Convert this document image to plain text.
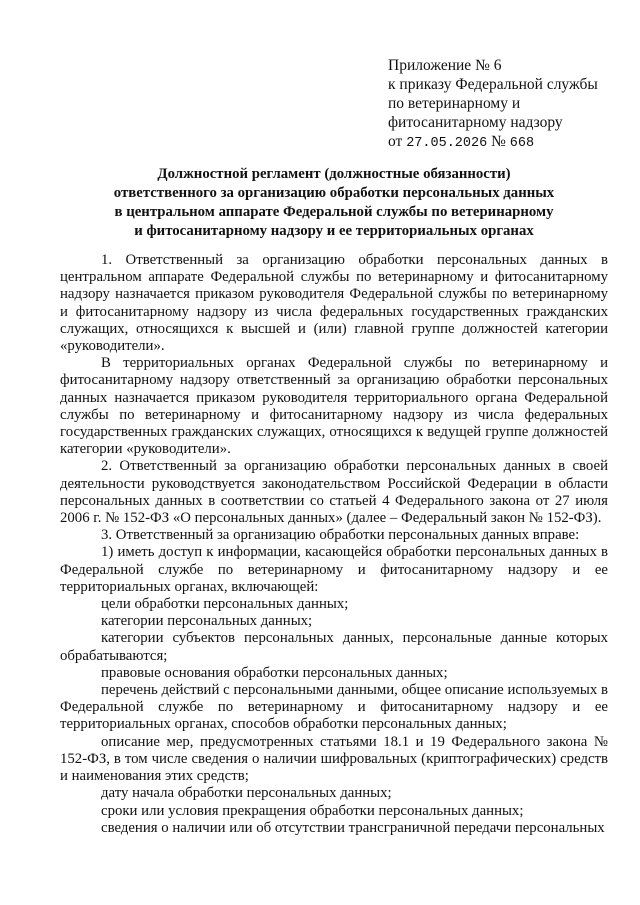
Приложение № 6
к приказу Федеральной службы
по ветеринарному и
фитосанитарному надзору
от 27.05.2026 № 668
Должностной регламент (должностные обязанности)
ответственного за организацию обработки персональных данных
в центральном аппарате Федеральной службы по ветеринарному
и фитосанитарному надзору и ее территориальных органах

1. Ответственный за организацию обработки персональных данных в центральном аппарате Федеральной службы по ветеринарному и фитосанитарному надзору назначается приказом руководителя Федеральной службы по ветеринарному и фитосанитарному надзору из числа федеральных государственных гражданских служащих, относящихся к высшей и (или) главной группе должностей категории «руководители».

В территориальных органах Федеральной службы по ветеринарному и фитосанитарному надзору ответственный за организацию обработки персональных данных назначается приказом руководителя территориального органа Федеральной службы по ветеринарному и фитосанитарному надзору из числа федеральных государственных гражданских служащих, относящихся к ведущей группе должностей категории «руководители».

2. Ответственный за организацию обработки персональных данных в своей деятельности руководствуется законодательством Российской Федерации в области персональных данных в соответствии со статьей 4 Федерального закона от 27 июля 2006 г. № 152-ФЗ «О персональных данных» (далее – Федеральный закон № 152-ФЗ).

3. Ответственный за организацию обработки персональных данных вправе:

1) иметь доступ к информации, касающейся обработки персональных данных в Федеральной службе по ветеринарному и фитосанитарному надзору и ее территориальных органах, включающей:

цели обработки персональных данных;

категории персональных данных;

категории субъектов персональных данных, персональные данные которых обрабатываются;

правовые основания обработки персональных данных;

перечень действий с персональными данными, общее описание используемых в Федеральной службе по ветеринарному и фитосанитарному надзору и ее территориальных органах, способов обработки персональных данных;

описание мер, предусмотренных статьями 18.1 и 19 Федерального закона № 152-ФЗ, в том числе сведения о наличии шифровальных (криптографических) средств и наименования этих средств;

дату начала обработки персональных данных;

сроки или условия прекращения обработки персональных данных;

сведения о наличии или об отсутствии трансграничной передачи персональных
